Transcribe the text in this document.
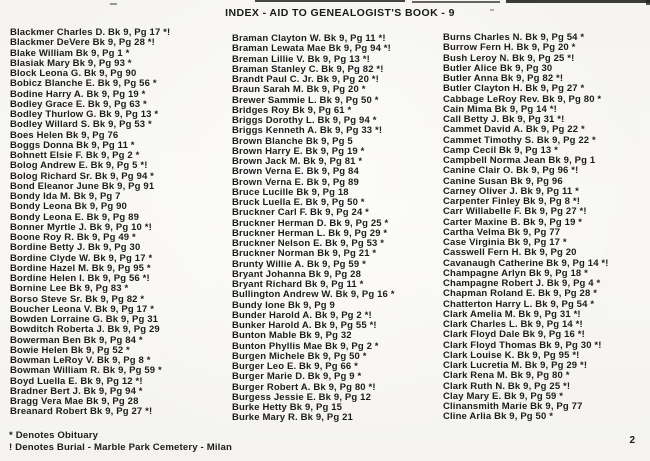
INDEX - AID TO GENEALOGIST'S BOOK - 9
Blackmer Charles D. Bk 9, Pg 17 *!
Blackmer DeVere Bk 9, Pg 28 *!
Blake William Bk 9, Pg 1 *
Blasiak Mary Bk 9, Pg 93 *
Block Leona G. Bk 9, Pg 90
Bobicz Blanche E. Bk 9, Pg 56 *
Bodine Harry A. Bk 9, Pg 19 *
Bodley Grace E. Bk 9, Pg 63 *
Bodley Thurlow G. Bk 9, Pg 13 *
Bodley Willard S. Bk 9, Pg 53 *
Boes Helen Bk 9, Pg 76
Boggs Donna Bk 9, Pg 11 *
Bohnett Elsie F. Bk 9, Pg 2 *
Bolog Andrew E. Bk 9, Pg 5 *!
Bolog Richard Sr. Bk 9, Pg 94 *
Bond Eleanor June Bk 9, Pg 91
Bondy Ida M. Bk 9, Pg 7
Bondy Leona Bk 9, Pg 90
Bondy Leona E. Bk 9, Pg 89
Bonner Myrtle J. Bk 9, Pg 10 *!
Boone Roy R. Bk 9, Pg 49 *
Bordine Betty J. Bk 9, Pg 30
Bordine Clyde W. Bk 9, Pg 17 *
Bordine Hazel M. Bk 9, Pg 95 *
Bordine Helen I. Bk 9, Pg 56 *!
Bornine Lee Bk 9, Pg 83 *
Borso Steve Sr. Bk 9, Pg 82 *
Boucher Leona V. Bk 9, Pg 17 *
Bowden Lorraine G. Bk 9, Pg 31
Bowditch Roberta J. Bk 9, Pg 29
Bowerman Ben Bk 9, Pg 84 *
Bowie Helen Bk 9, Pg 52 *
Bowman LeRoy V. Bk 9, Pg 8 *
Bowman William R. Bk 9, Pg 59 *
Boyd Luella E. Bk 9, Pg 12 *!
Bradner Bert J. Bk 9, Pg 94 *
Bragg Vera Mae Bk 9, Pg 28
Breanard Robert Bk 9, Pg 27 *!
Braman Clayton W. Bk 9, Pg 11 *!
Braman Lewata Mae Bk 9, Pg 94 *!
Breman Lillie V. Bk 9, Pg 13 *!
Braman Stanley C. Bk 9, Pg 82 *!
Brandt Paul C. Jr. Bk 9, Pg 20 *!
Braun Sarah M. Bk 9, Pg 20 *
Brewer Sammie L. Bk 9, Pg 50 *
Bridges Roy Bk 9, Pg 61 *
Briggs Dorothy L. Bk 9, Pg 94 *
Briggs Kenneth A. Bk 9, Pg 33 *!
Brown Blanche Bk 9, Pg 5
Brown Harry E. Bk 9, Pg 19 *
Brown Jack M. Bk 9, Pg 81 *
Brown Verna E. Bk 9, Pg 84
Brown Verna E. Bk 9, Pg 89
Bruce Lucille Bk 9, Pg 18
Bruck Luella E. Bk 9, Pg 50 *
Bruckner Carl F. Bk 9, Pg 24 *
Bruckner Herman D. Bk 9, Pg 25 *
Bruckner Herman L. Bk 9, Pg 29 *
Bruckner Nelson E. Bk 9, Pg 53 *
Bruckner Norman Bk 9, Pg 21 *
Brunty Willie A. Bk 9, Pg 59 *
Bryant Johanna Bk 9, Pg 28
Bryant Richard Bk 9, Pg 11 *
Bullington Andrew W. Bk 9, Pg 16 *
Bundy Ione Bk 9, Pg 9
Bunder Harold A. Bk 9, Pg 2 *!
Bunker Harold A. Bk 9, Pg 55 *!
Bunton Mable Bk 9, Pg 32
Bunton Phyllis Mae Bk 9, Pg 2 *
Burgen Michele Bk 9, Pg 50 *
Burger Leo E. Bk 9, Pg 66 *
Burger Marie D. Bk 9, Pg 9 *
Burger Robert A. Bk 9, Pg 80 *!
Burgess Jessie E. Bk 9, Pg 12
Burke Hetty Bk 9, Pg 15
Burke Mary R. Bk 9, Pg 21
Burns Charles N. Bk 9, Pg 54 *
Burrow Fern H. Bk 9, Pg 20 *
Bush Leroy N. Bk 9, Pg 25 *!
Butler Alice Bk 9, Pg 30
Butler Anna Bk 9, Pg 82 *!
Butler Clayton H. Bk 9, Pg 27 *
Cabbage LeRoy Rev. Bk 9, Pg 80 *
Cain Mima Bk 9, Pg 14 *!
Call Betty J. Bk 9, Pg 31 *!
Cammet David A. Bk 9, Pg 22 *
Cammet Timothy S. Bk 9, Pg 22 *
Camp Cecil Bk 9, Pg 13 *
Campbell Norma Jean Bk 9, Pg 1
Canine Clair O. Bk 9, Pg 96 *!
Canine Susan Bk 9, Pg 96
Carney Oliver J. Bk 9, Pg 11 *
Carpenter Finley Bk 9, Pg 8 *!
Carr Willabelle F. Bk 9, Pg 27 *!
Carter Maxine B. Bk 9, Pg 19 *
Cartha Velma Bk 9, Pg 77
Case Virginia Bk 9, Pg 17 *
Casswell Fern H. Bk 9, Pg 20
Cavanaugh Catherine Bk 9, Pg 14 *!
Champagne Arlyn Bk 9, Pg 18 *
Champagne Robert J. Bk 9, Pg 4 *
Chapman Roland E. Bk 9, Pg 28 *
Chatterton Harry L. Bk 9, Pg 54 *
Clark Amelia M. Bk 9, Pg 31 *!
Clark Charles L. Bk 9, Pg 14 *!
Clark Floyd Dale Bk 9, Pg 16 *!
Clark Floyd Thomas Bk 9, Pg 30 *!
Clark Louise K. Bk 9, Pg 95 *!
Clark Lucretia M. Bk 9, Pg 29 *!
Clark Rena M. Bk 9, Pg 80 *
Clark Ruth N. Bk 9, Pg 25 *!
Clay Mary E. Bk 9, Pg 59 *
Clinansmith Marie Bk 9, Pg 77
Cline Arlia Bk 9, Pg 50 *
* Denotes Obituary
! Denotes Burial - Marble Park Cemetery - Milan
2
